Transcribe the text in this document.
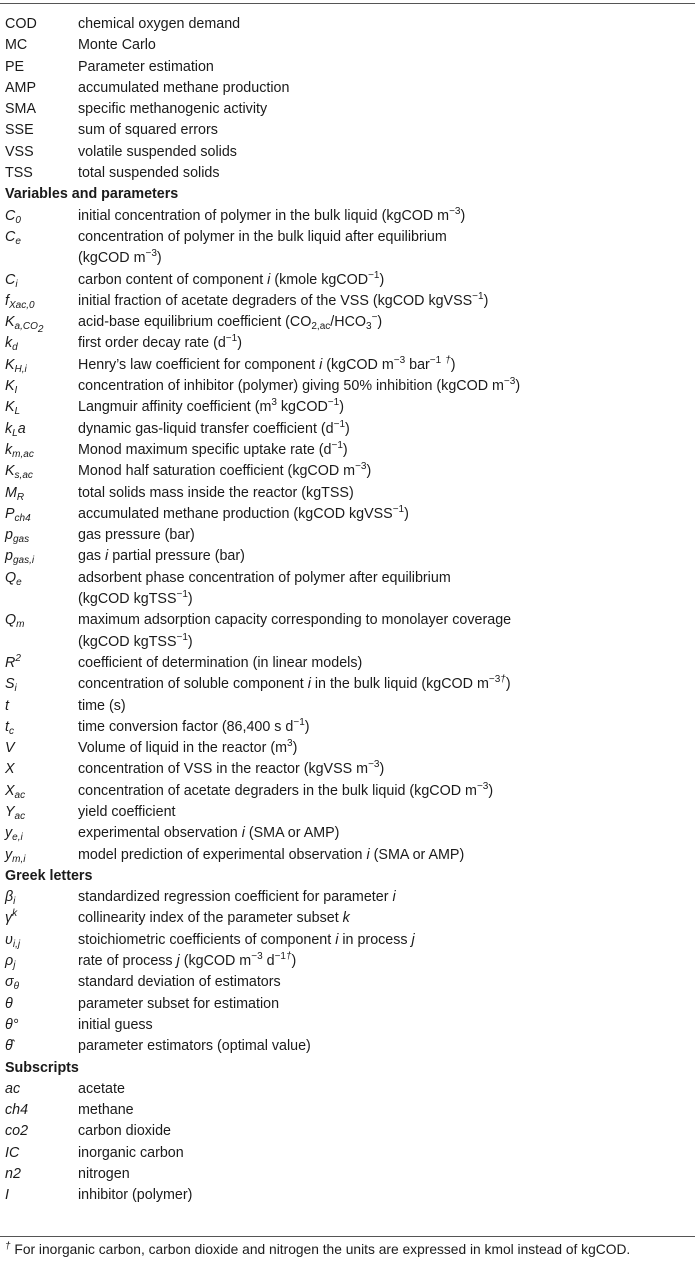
COD	chemical oxygen demand
MC	Monte Carlo
PE	Parameter estimation
AMP	accumulated methane production
SMA	specific methanogenic activity
SSE	sum of squared errors
VSS	volatile suspended solids
TSS	total suspended solids
Variables and parameters
$C_0$	initial concentration of polymer in the bulk liquid (kgCOD $m^{-3}$)
$C_e$	concentration of polymer in the bulk liquid after equilibrium
(kgCOD $m^{-3}$)
$C_i$	carbon content of component i (kmole kgCOD$^{-1}$)
$f_{Xac,0}$	initial fraction of acetate degraders of the VSS (kgCOD kgVSS$^{-1}$)
$K_{a,CO_2}$ acid-base equilibrium coefficient $(CO_{2,ac}/HCO_3^-)$
$k_d$	first order decay rate $(d^{-1})$
$K_{H,i}$	Henry’s law coefficient for component i (kgCOD $m^{-3}$ bar$^{-1}$ †)
$K_I$	concentration of inhibitor (polymer) giving 50% inhibition (kgCOD $m^{-3}$)
$K_L$	Langmuir affinity coefficient ($m^3$ kgCOD$^{-1}$)
$k_La$	dynamic gas-liquid transfer coefficient $(d^{-1})$
$k_{m,ac}$	Monod maximum specific uptake rate $(d^{-1})$
$K_{s,ac}$	Monod half saturation coefficient (kgCOD $m^{-3}$)
$M_R$	total solids mass inside the reactor (kgTSS)
$P_{ch4}$	accumulated methane production (kgCOD kgVSS$^{-1}$)
$p_{gas}$	gas pressure (bar)
$p_{gas,i}$	gas i partial pressure (bar)
$Q_e$	adsorbent phase concentration of polymer after equilibrium
(kgCOD kgTSS$^{-1}$)
$Q_m$	maximum adsorption capacity corresponding to monolayer coverage
(kgCOD kgTSS$^{-1}$)
$R^2$	coefficient of determination (in linear models)
$S_i$	concentration of soluble component i in the bulk liquid (kgCOD $m^{-3\dagger}$)
t	time (s)
$t_c$	time conversion factor (86,400 s $d^{-1}$)
V	Volume of liquid in the reactor $(m^3)$
X	concentration of VSS in the reactor (kgVSS $m^{-3}$)
$X_{ac}$	concentration of acetate degraders in the bulk liquid (kgCOD $m^{-3}$)
$Y_{ac}$	yield coefficient
$y_{e,i}$	experimental observation i (SMA or AMP)
$y_{m,i}$	model prediction of experimental observation i (SMA or AMP)
Greek letters
$\beta_i$	standardized regression coefficient for parameter i
$\gamma^k$	collinearity index of the parameter subset k
$\upsilon_{i,j}$	stoichiometric coefficients of component i in process j
$\rho_j$	rate of process j (kgCOD $m^{-3}$ $d^{-1\dagger}$)
$\sigma_\theta$	standard deviation of estimators
θ	parameter subset for estimation
θ°	initial guess
θ̂	parameter estimators (optimal value)
Subscripts
ac	acetate
ch4	methane
co2	carbon dioxide
IC	inorganic carbon
n2	nitrogen
I	inhibitor (polymer)
† For inorganic carbon, carbon dioxide and nitrogen the units are expressed in kmol instead of kgCOD.
